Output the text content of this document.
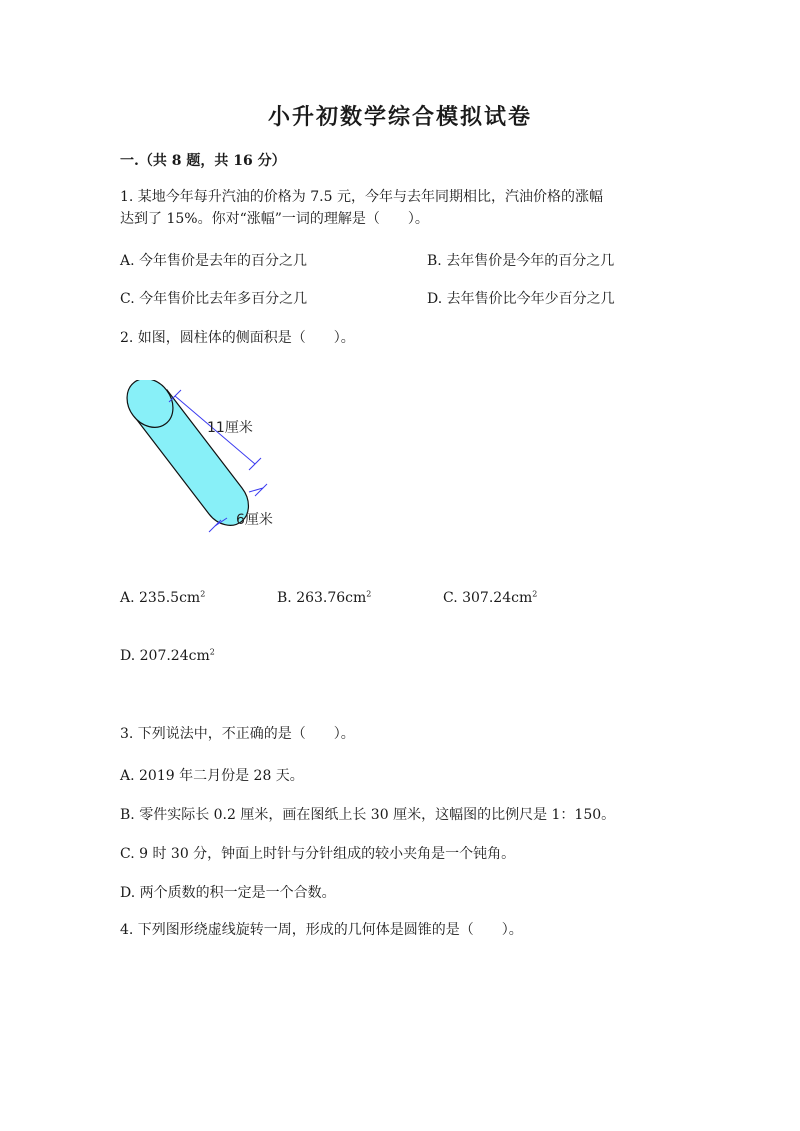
小升初数学综合模拟试卷
一.（共 8 题，共 16 分）
1. 某地今年每升汽油的价格为 7.5 元，今年与去年同期相比，汽油价格的涨幅
达到了 15%。你对“涨幅”一词的理解是（　　）。
A. 今年售价是去年的百分之几	B. 去年售价是今年的百分之几
C. 今年售价比去年多百分之几	D. 去年售价比今年少百分之几
2. 如图，圆柱体的侧面积是（　　）。
11厘米
6厘米
A. $235.5cm^2$	B. $263.76cm^2$	C. $307.24cm^2$
D. $207.24cm^2$
3. 下列说法中，不正确的是（　　）。
A. 2019 年二月份是 28 天。
B. 零件实际长 0.2 厘米，画在图纸上长 30 厘米，这幅图的比例尺是 1：150。
C. 9 时 30 分，钟面上时针与分针组成的较小夹角是一个钝角。
D. 两个质数的积一定是一个合数。
4. 下列图形绕虚线旋转一周，形成的几何体是圆锥的是（　　）。
